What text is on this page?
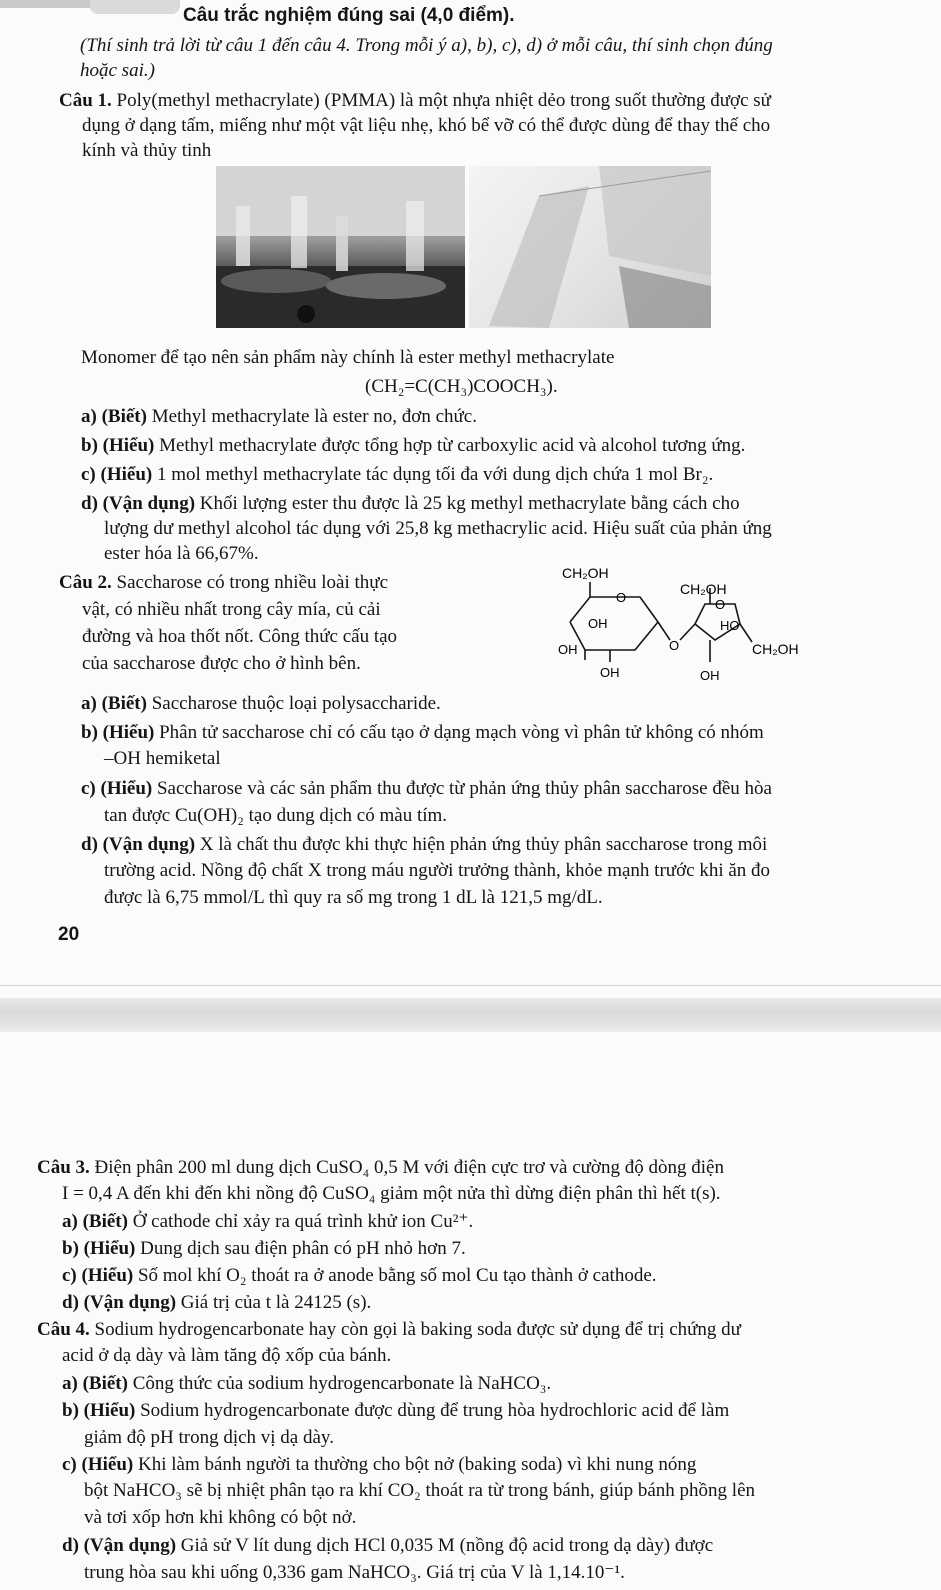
Câu trắc nghiệm đúng sai (4,0 điểm).
(Thí sinh trả lời từ câu 1 đến câu 4. Trong mỗi ý a), b), c), d) ở mỗi câu, thí sinh chọn đúng
hoặc sai.)
Câu 1. Poly(methyl methacrylate) (PMMA) là một nhựa nhiệt dẻo trong suốt thường được sử
dụng ở dạng tấm, miếng như một vật liệu nhẹ, khó bể vỡ có thể được dùng để thay thế cho
kính và thủy tinh
Monomer để tạo nên sản phẩm này chính là ester methyl methacrylate
(CH₂=C(CH₃)COOCH₃).
a) (Biết) Methyl methacrylate là ester no, đơn chức.
b) (Hiểu) Methyl methacrylate được tổng hợp từ carboxylic acid và alcohol tương ứng.
c) (Hiểu) 1 mol methyl methacrylate tác dụng tối đa với dung dịch chứa 1 mol Br₂.
d) (Vận dụng) Khối lượng ester thu được là 25 kg methyl methacrylate bằng cách cho
lượng dư methyl alcohol tác dụng với 25,8 kg methacrylic acid. Hiệu suất của phản ứng
ester hóa là 66,67%.
Câu 2. Saccharose có trong nhiều loài thực
vật, có nhiều nhất trong cây mía, củ cải
đường và hoa thốt nốt. Công thức cấu tạo
của saccharose được cho ở hình bên.
CH₂OH
CH₂OH
O	O
O
OH	HO
OH	CH₂OH
OH	OH
a) (Biết) Saccharose thuộc loại polysaccharide.
b) (Hiểu) Phân tử saccharose chỉ có cấu tạo ở dạng mạch vòng vì phân tử không có nhóm
–OH hemiketal
c) (Hiểu) Saccharose và các sản phẩm thu được từ phản ứng thủy phân saccharose đều hòa
tan được Cu(OH)₂ tạo dung dịch có màu tím.
d) (Vận dụng) X là chất thu được khi thực hiện phản ứng thủy phân saccharose trong môi
trường acid. Nồng độ chất X trong máu người trưởng thành, khỏe mạnh trước khi ăn đo
được là 6,75 mmol/L thì quy ra số mg trong 1 dL là 121,5 mg/dL.
20
Câu 3. Điện phân 200 ml dung dịch CuSO₄ 0,5 M với điện cực trơ và cường độ dòng điện
I = 0,4 A đến khi đến khi nồng độ CuSO₄ giảm một nửa thì dừng điện phân thì hết t(s).
a) (Biết) Ở cathode chỉ xảy ra quá trình khử ion Cu²⁺.
b) (Hiểu) Dung dịch sau điện phân có pH nhỏ hơn 7.
c) (Hiểu) Số mol khí O₂ thoát ra ở anode bằng số mol Cu tạo thành ở cathode.
d) (Vận dụng) Giá trị của t là 24125 (s).
Câu 4. Sodium hydrogencarbonate hay còn gọi là baking soda được sử dụng để trị chứng dư
acid ở dạ dày và làm tăng độ xốp của bánh.
a) (Biết) Công thức của sodium hydrogencarbonate là NaHCO₃.
b) (Hiểu) Sodium hydrogencarbonate được dùng để trung hòa hydrochloric acid để làm
giảm độ pH trong dịch vị dạ dày.
c) (Hiểu) Khi làm bánh người ta thường cho bột nở (baking soda) vì khi nung nóng
bột NaHCO₃ sẽ bị nhiệt phân tạo ra khí CO₂ thoát ra từ trong bánh, giúp bánh phồng lên
và tơi xốp hơn khi không có bột nở.
d) (Vận dụng) Giả sử V lít dung dịch HCl 0,035 M (nồng độ acid trong dạ dày) được
trung hòa sau khi uống 0,336 gam NaHCO₃. Giá trị của V là 1,14.10⁻¹.
